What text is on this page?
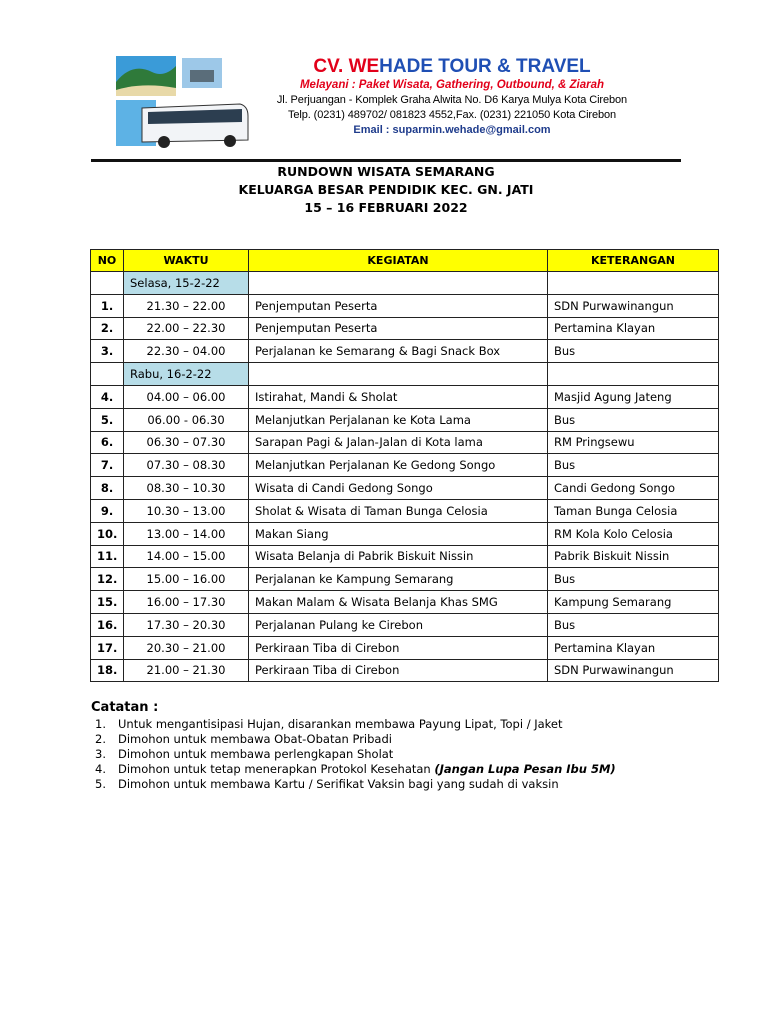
CV. WEHADE TOUR & TRAVEL
Melayani : Paket Wisata, Gathering, Outbound, & Ziarah
Jl. Perjuangan - Komplek Graha Alwita No. D6 Karya Mulya Kota Cirebon
Telp. (0231) 489702/ 081823 4552,Fax. (0231) 221050 Kota Cirebon
Email : suparmin.wehade@gmail.com
RUNDOWN WISATA SEMARANG
KELUARGA BESAR PENDIDIK KEC. GN. JATI
15 – 16 FEBRUARI 2022
NO	WAKTU	KEGIATAN	KETERANGAN
	Selasa, 15-2-22		
1.	21.30 – 22.00	Penjemputan Peserta	SDN Purwawinangun
2.	22.00 – 22.30	Penjemputan Peserta	Pertamina Klayan
3.	22.30 – 04.00	Perjalanan ke Semarang & Bagi Snack Box	Bus
	Rabu, 16-2-22		
4.	04.00 – 06.00	Istirahat, Mandi & Sholat	Masjid Agung Jateng
5.	06.00 - 06.30	Melanjutkan Perjalanan ke Kota Lama	Bus
6.	06.30 – 07.30	Sarapan Pagi & Jalan-Jalan di Kota lama	RM Pringsewu
7.	07.30 – 08.30	Melanjutkan Perjalanan Ke Gedong Songo	Bus
8.	08.30 – 10.30	Wisata di Candi Gedong Songo	Candi Gedong Songo
9.	10.30 – 13.00	Sholat & Wisata di Taman Bunga Celosia	Taman Bunga Celosia
10.	13.00 – 14.00	Makan Siang	RM Kola Kolo Celosia
11.	14.00 – 15.00	Wisata Belanja di Pabrik Biskuit Nissin	Pabrik Biskuit Nissin
12.	15.00 – 16.00	Perjalanan ke Kampung Semarang	Bus
15.	16.00 – 17.30	Makan Malam & Wisata Belanja Khas SMG	Kampung Semarang
16.	17.30 – 20.30	Perjalanan Pulang ke Cirebon	Bus
17.	20.30 – 21.00	Perkiraan Tiba di Cirebon	Pertamina Klayan
18.	21.00 – 21.30	Perkiraan Tiba di Cirebon	SDN Purwawinangun
Catatan :
1. Untuk mengantisipasi Hujan, disarankan membawa Payung Lipat, Topi / Jaket
2. Dimohon untuk membawa Obat-Obatan Pribadi
3. Dimohon untuk membawa perlengkapan Sholat
4. Dimohon untuk tetap menerapkan Protokol Kesehatan (Jangan Lupa Pesan Ibu 5M)
5. Dimohon untuk membawa Kartu / Serifikat Vaksin bagi yang sudah di vaksin
